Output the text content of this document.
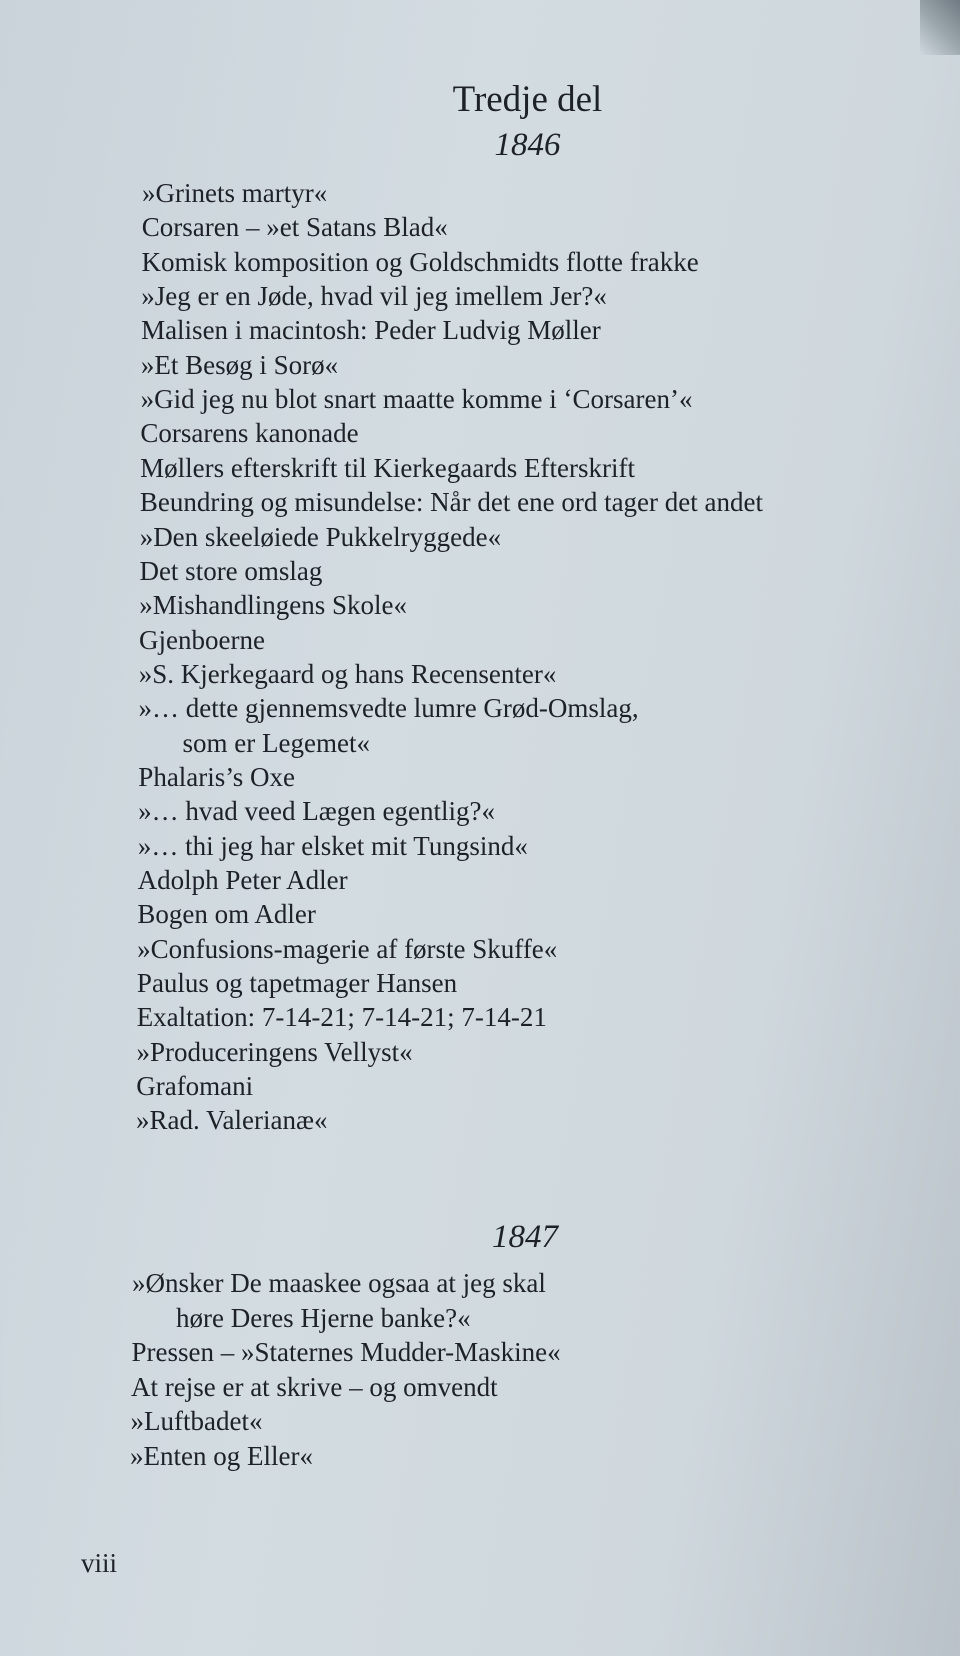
Tredje del
1846
1847
»Grinets martyr«
Corsaren – »et Satans Blad«
Komisk komposition og Goldschmidts flotte frakke
»Jeg er en Jøde, hvad vil jeg imellem Jer?«
Malisen i macintosh: Peder Ludvig Møller
»Et Besøg i Sorø«
»Gid jeg nu blot snart maatte komme i ‘Corsaren’«
Corsarens kanonade
Møllers efterskrift til Kierkegaards Efterskrift
Beundring og misundelse: Når det ene ord tager det andet
»Den skeeløiede Pukkelryggede«
Det store omslag
»Mishandlingens Skole«
Gjenboerne
»S. Kjerkegaard og hans Recensenter«
»… dette gjennemsvedte lumre Grød-Omslag,
som er Legemet«
Phalaris’s Oxe
»… hvad veed Lægen egentlig?«
»… thi jeg har elsket mit Tungsind«
Adolph Peter Adler
Bogen om Adler
»Confusions-magerie af første Skuffe«
Paulus og tapetmager Hansen
Exaltation: 7-14-21; 7-14-21; 7-14-21
»Produceringens Vellyst«
Grafomani
»Rad. Valerianæ«
»Ønsker De maaskee ogsaa at jeg skal
høre Deres Hjerne banke?«
Pressen – »Staternes Mudder-Maskine«
At rejse er at skrive – og omvendt
»Luftbadet«
»Enten og Eller«
viii
